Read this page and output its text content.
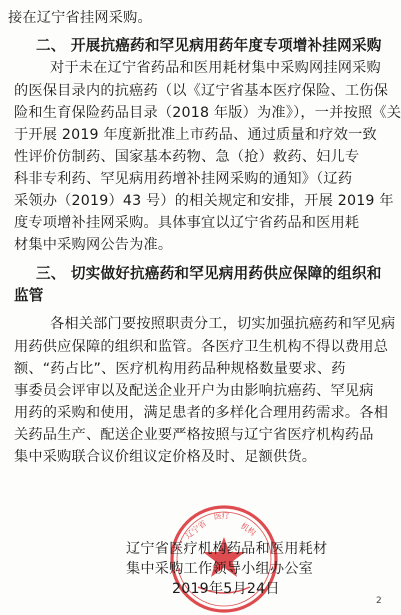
接在辽宁省挂网采购。
二、 开展抗癌药和罕见病用药年度专项增补挂网采购
对于未在辽宁省药品和医用耗材集中采购网挂网采购
的医保目录内的抗癌药（以《辽宁省基本医疗保险、工伤保
险和生育保险药品目录（2018 年版）为准》），一并按照《关
于开展 2019 年度新批准上市药品、通过质量和疗效一致
性评价仿制药、国家基本药物、急（抢）救药、妇儿专
科非专利药、罕见病用药增补挂网采购的通知》（辽药
采领办（2019）43 号）的相关规定和安排，开展 2019 年
度专项增补挂网采购。具体事宜以辽宁省药品和医用耗
材集中采购网公告为准。
三、 切实做好抗癌药和罕见病用药供应保障的组织和
监管
各相关部门要按照职责分工，切实加强抗癌药和罕见病
用药供应保障的组织和监管。各医疗卫生机构不得以费用总
额、“药占比”、医疗机构用药品种规格数量要求、药
事委员会评审以及配送企业开户为由影响抗癌药、罕见病
用药的采购和使用，满足患者的多样化合理用药需求。各相
关药品生产、配送企业要严格按照与辽宁省医疗机构药品
集中采购联合议价组议定价格及时、足额供货。
辽宁省
医疗
机构
辽宁省医疗机构药品和医用耗材
集中采购工作领导小组办公室
2019年5月24日
2
